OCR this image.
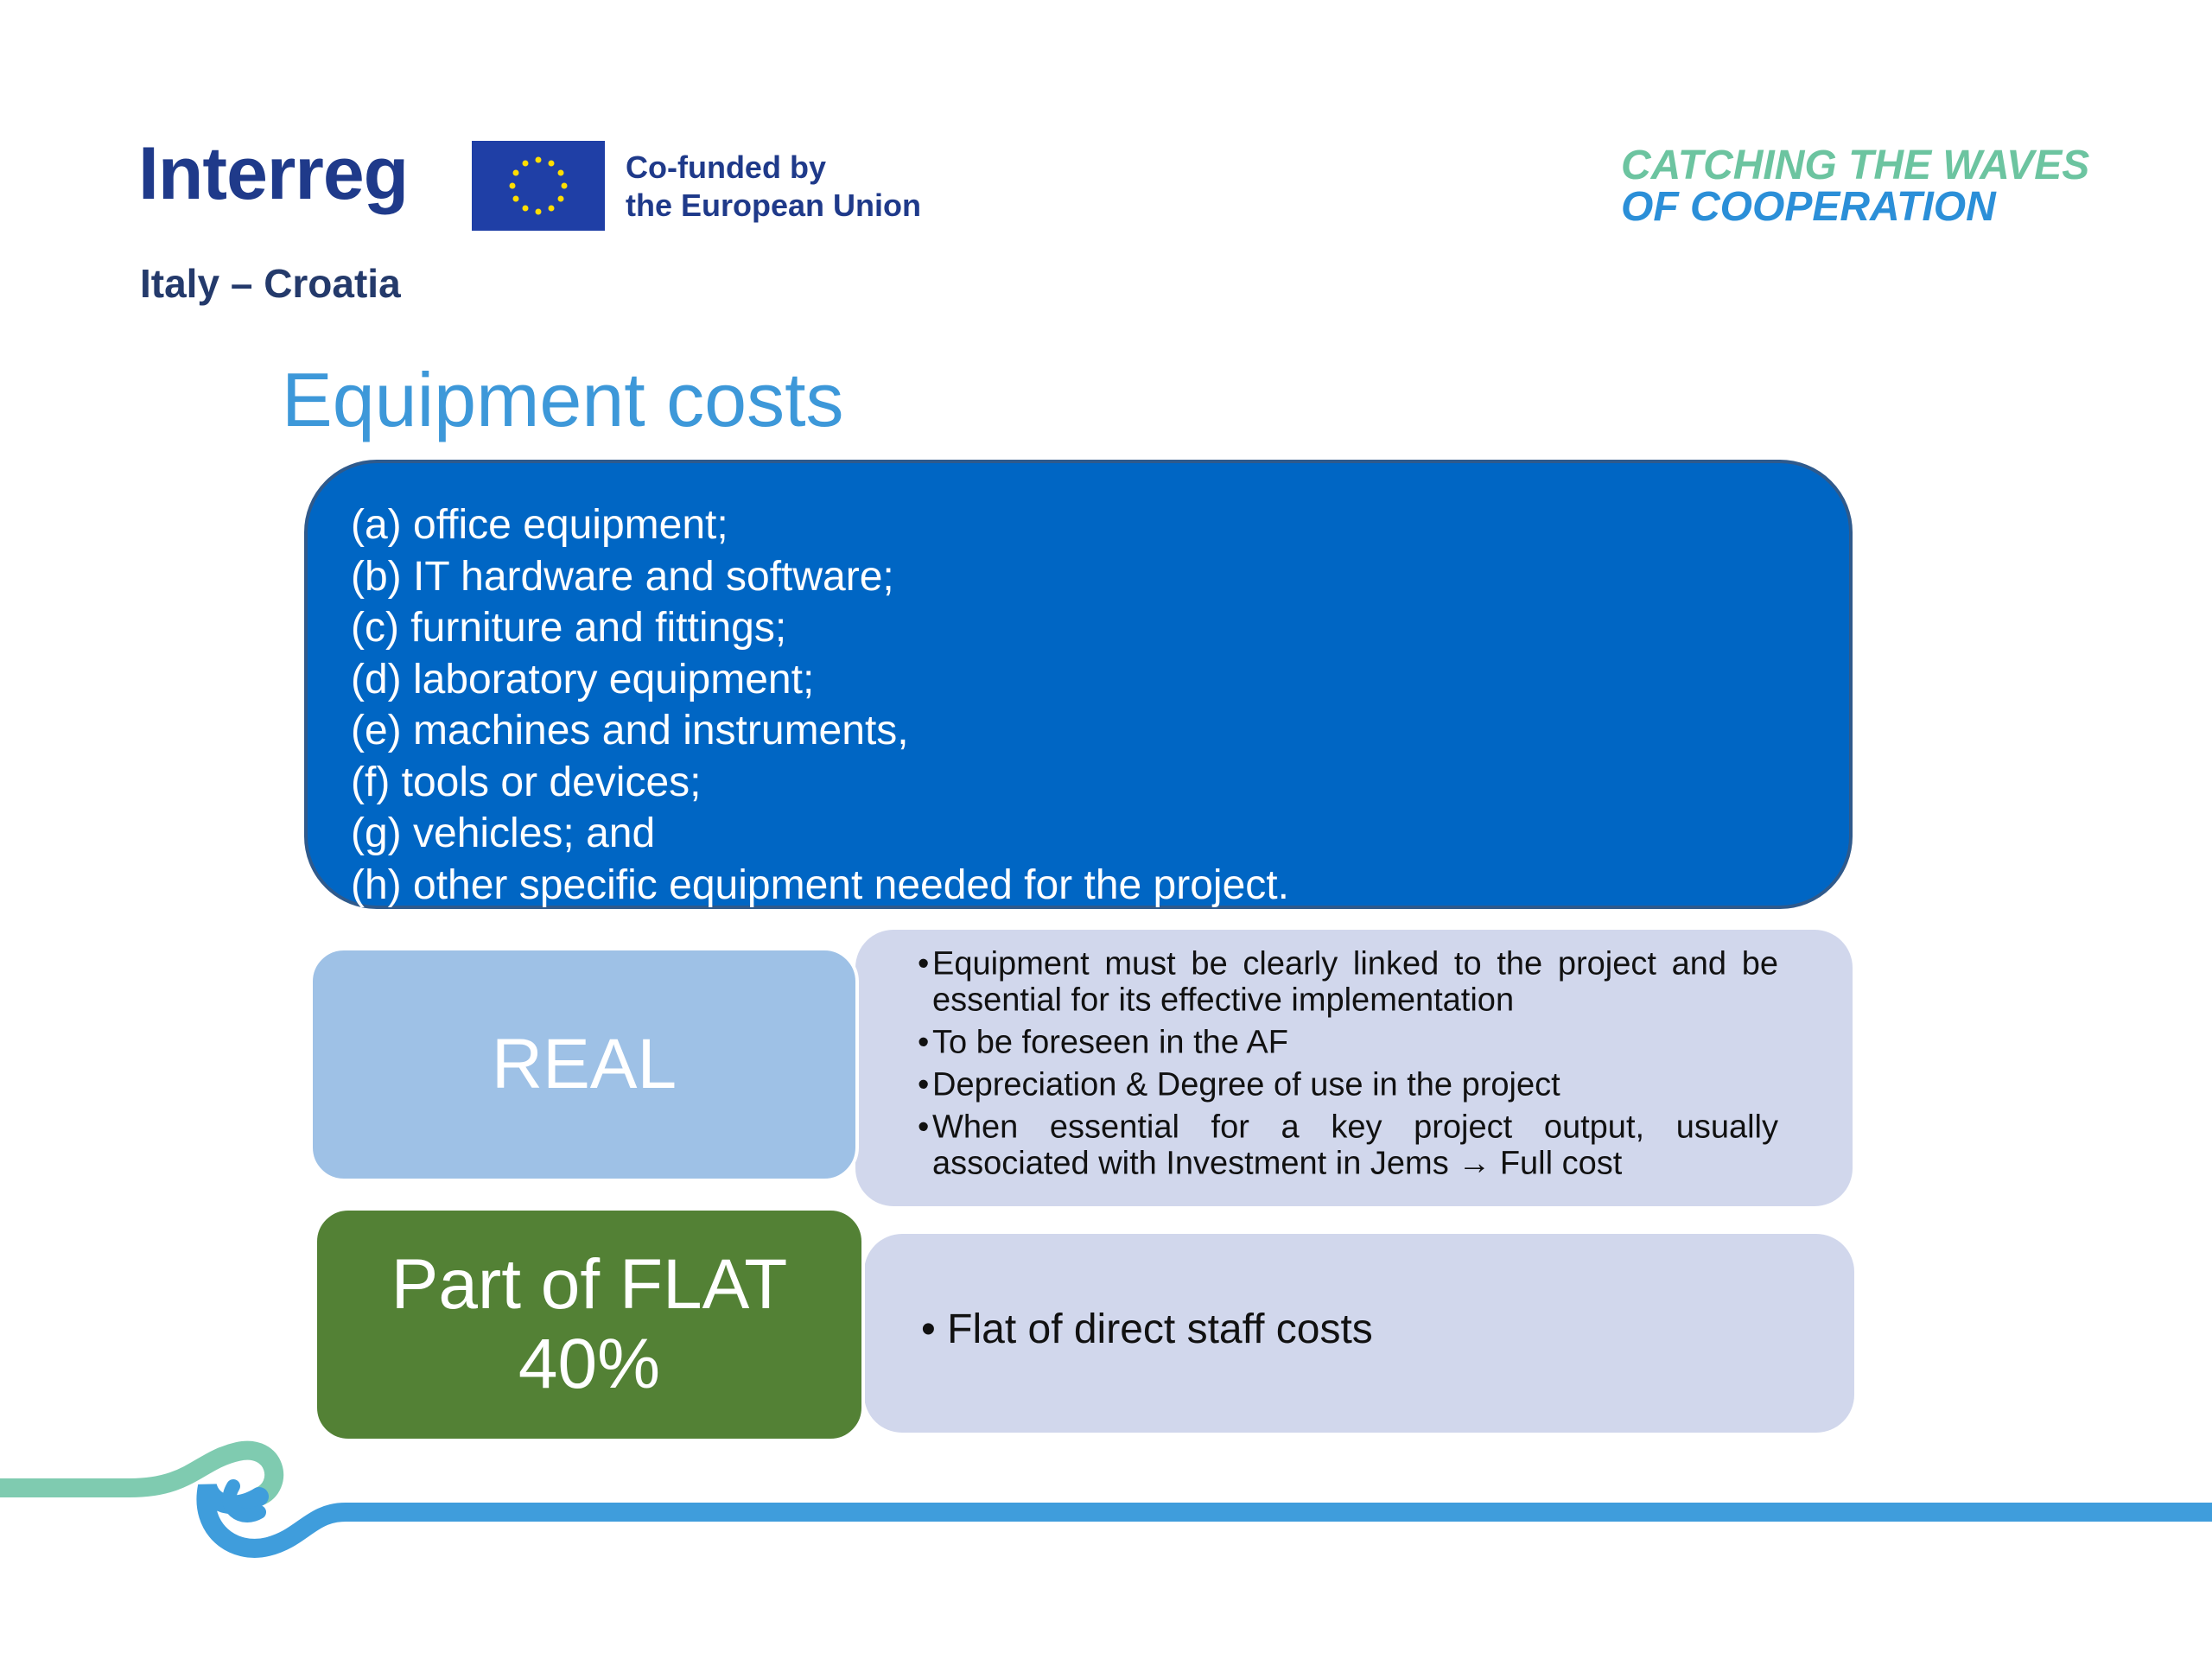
Interreg	Co-funded by
the European Union
Italy – Croatia
CATCHING THE WAVES
OF COOPERATION
Equipment costs
(a) office equipment;
(b) IT hardware and software;
(c) furniture and fittings;
(d) laboratory equipment;
(e) machines and instruments,
(f) tools or devices;
(g) vehicles; and
(h) other specific equipment needed for the project.
REAL
• Equipment must be clearly linked to the project and be essential for its effective implementation
• To be foreseen in the AF
• Depreciation & Degree of use in the project
• When essential for a key project output, usually associated with Investment in Jems → Full cost
Part of FLAT
40%
•	Flat of direct staff costs
